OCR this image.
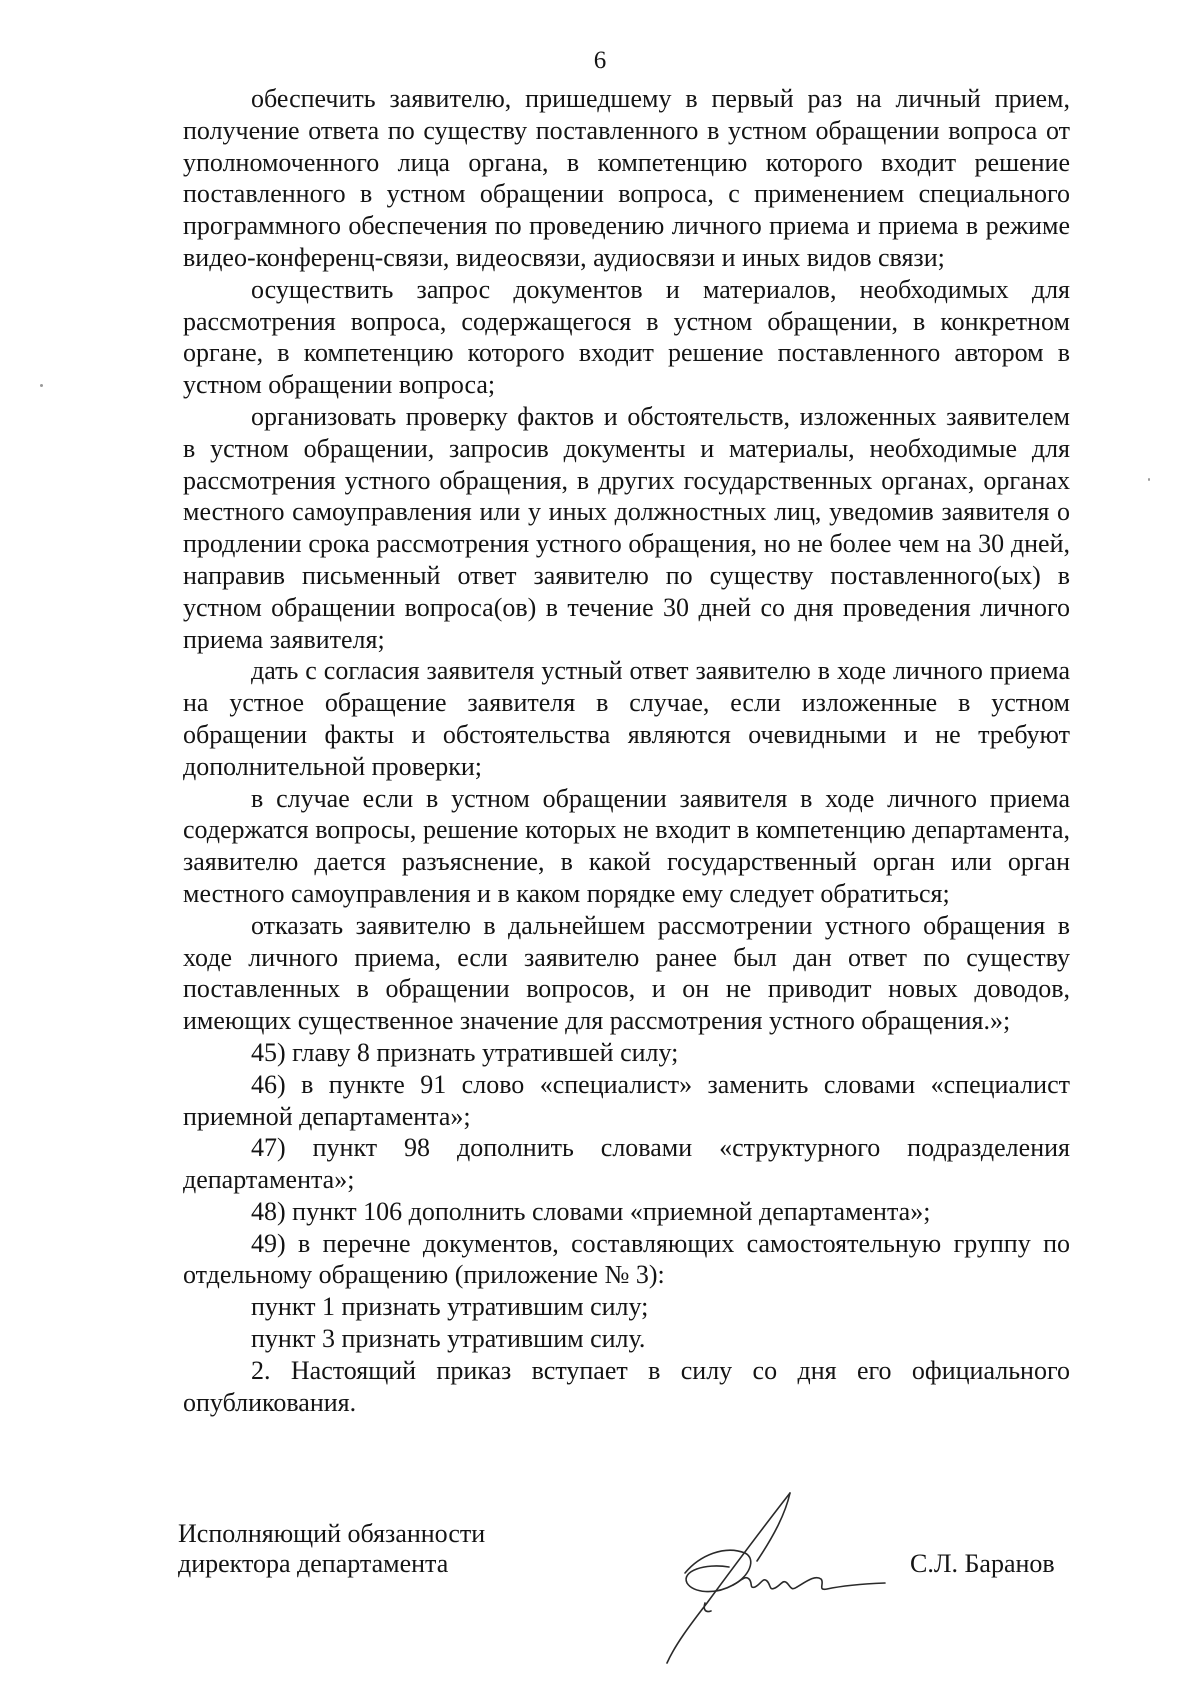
6

обеспечить заявителю, пришедшему в первый раз на личный прием, получение ответа по существу поставленного в устном обращении вопроса от уполномоченного лица органа, в компетенцию которого входит решение поставленного в устном обращении вопроса, с применением специального программного обеспечения по проведению личного приема и приема в режиме видео-конференц-связи, видеосвязи, аудиосвязи и иных видов связи;

осуществить запрос документов и материалов, необходимых для рассмотрения вопроса, содержащегося в устном обращении, в конкретном органе, в компетенцию которого входит решение поставленного автором в устном обращении вопроса;

организовать проверку фактов и обстоятельств, изложенных заявителем в устном обращении, запросив документы и материалы, необходимые для рассмотрения устного обращения, в других государственных органах, органах местного самоуправления или у иных должностных лиц, уведомив заявителя о продлении срока рассмотрения устного обращения, но не более чем на 30 дней, направив письменный ответ заявителю по существу поставленного(ых) в устном обращении вопроса(ов) в течение 30 дней со дня проведения личного приема заявителя;

дать с согласия заявителя устный ответ заявителю в ходе личного приема на устное обращение заявителя в случае, если изложенные в устном обращении факты и обстоятельства являются очевидными и не требуют дополнительной проверки;

в случае если в устном обращении заявителя в ходе личного приема содержатся вопросы, решение которых не входит в компетенцию департамента, заявителю дается разъяснение, в какой государственный орган или орган местного самоуправления и в каком порядке ему следует обратиться;

отказать заявителю в дальнейшем рассмотрении устного обращения в ходе личного приема, если заявителю ранее был дан ответ по существу поставленных в обращении вопросов, и он не приводит новых доводов, имеющих существенное значение для рассмотрения устного обращения.»;

45) главу 8 признать утратившей силу;

46) в пункте 91 слово «специалист» заменить словами «специалист приемной департамента»;

47) пункт 98 дополнить словами «структурного подразделения департамента»;

48) пункт 106 дополнить словами «приемной департамента»;

49) в перечне документов, составляющих самостоятельную группу по отдельному обращению (приложение № 3):

пункт 1 признать утратившим силу;

пункт 3 признать утратившим силу.

2. Настоящий приказ вступает в силу со дня его официального опубликования.

Исполняющий обязанности
директора департамента	С.Л. Баранов
